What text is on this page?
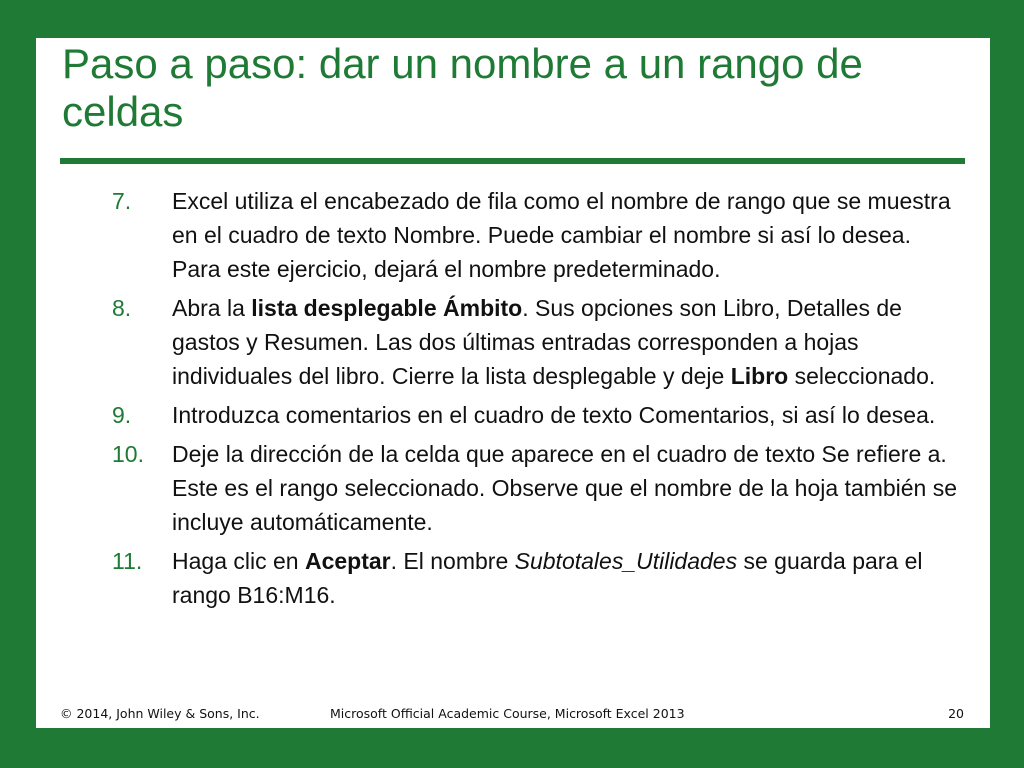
Paso a paso: dar un nombre a un rango de celdas
7.	Excel utiliza el encabezado de fila como el nombre de rango que se muestra en el cuadro de texto Nombre. Puede cambiar el nombre si así lo desea. Para este ejercicio, dejará el nombre predeterminado.
8.	Abra la lista desplegable Ámbito. Sus opciones son Libro, Detalles de gastos y Resumen. Las dos últimas entradas corresponden a hojas individuales del libro. Cierre la lista desplegable y deje Libro seleccionado.
9.	Introduzca comentarios en el cuadro de texto Comentarios, si así lo desea.
10.	Deje la dirección de la celda que aparece en el cuadro de texto Se refiere a. Este es el rango seleccionado. Observe que el nombre de la hoja también se incluye automáticamente.
11.	Haga clic en Aceptar. El nombre Subtotales_Utilidades se guarda para el rango B16:M16.
© 2014, John Wiley & Sons, Inc.	Microsoft Official Academic Course, Microsoft Excel 2013	20
